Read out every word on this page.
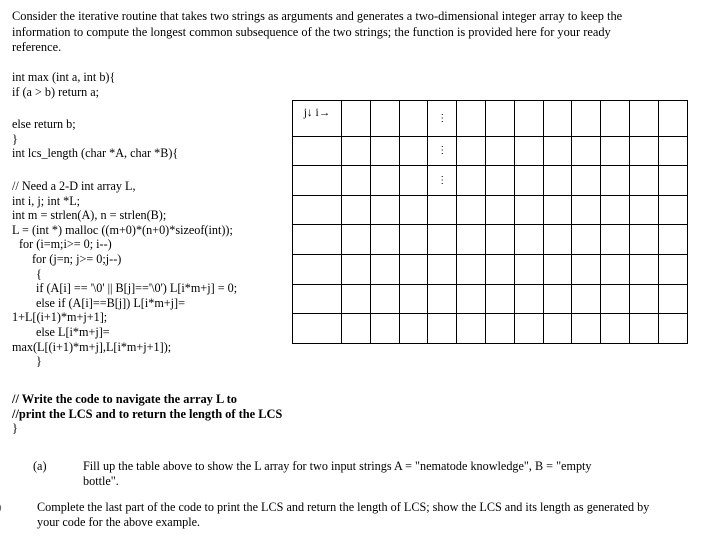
Consider the iterative routine that takes two strings as arguments and generates a two-dimensional integer array to keep the information to compute the longest common subsequence of the two strings; the function is provided here for your ready reference.
int max (int a, int b){
if (a > b) return a;
else return b;
}
int lcs_length (char *A, char *B){
// Need a 2-D int array L,
int i, j; int *L;
int m = strlen(A), n = strlen(B);
L = (int *) malloc ((m+0)*(n+0)*sizeof(int));
for (i=m;i>= 0; i--)
for (j=n; j>= 0;j--)
{
if (A[i] == '\0' || B[j]=='\0') L[i*m+j] = 0;
else if (A[i]==B[j]) L[i*m+j]=
1+L[(i+1)*m+j+1];
else L[i*m+j]=
max(L[(i+1)*m+j],L[i*m+j+1]);
}
// Write the code to navigate the array L to
//print the LCS and to return the length of the LCS
}
j↓ i→				⋮								
				⋮								
				⋮								

(a)	Fill up the table above to show the L array for two input strings A = "nematode knowledge", B = "empty bottle".
Complete the last part of the code to print the LCS and return the length of LCS; show the LCS and its length as generated by your code for the above example.
